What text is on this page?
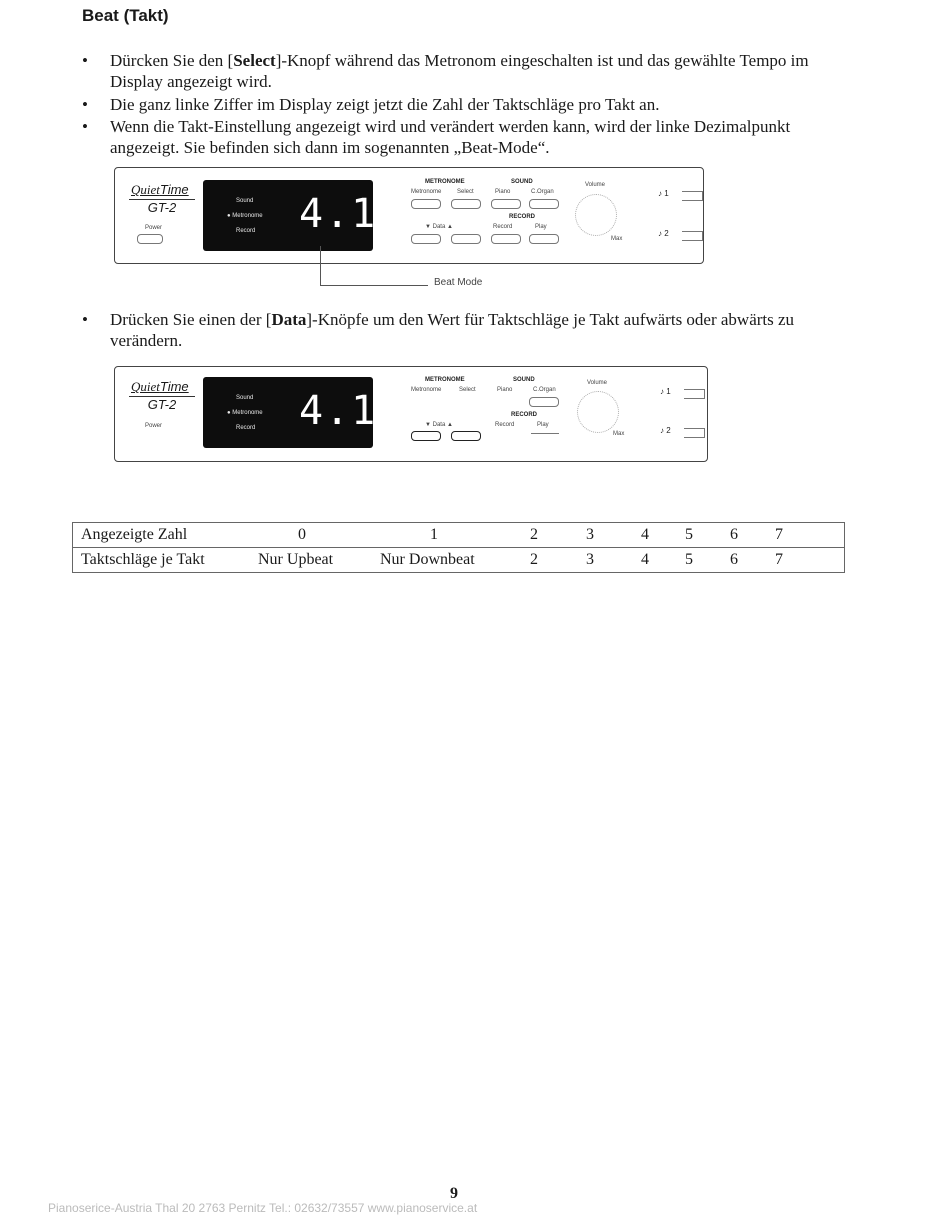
Beat (Takt)
• Dürcken Sie den [Select]-Knopf während das Metronom eingeschalten ist und das gewählte Tempo im Display angezeigt wird.
• Die ganz linke Ziffer im Display zeigt jetzt die Zahl der Taktschläge pro Takt an.
• Wenn die Takt-Einstellung angezeigt wird und verändert werden kann, wird der linke Dezimalpunkt angezeigt. Sie befinden sich dann im sogenannten „Beat-Mode“.
QuietTime
GT-2
Power
Sound
● Metronome
Record 4.15
METRONOME	SOUND
Metronome	Select	Piano	C.Organ
RECORD
▼ Data ▲	Record	Play
Volume
Max
♪ 1
♪ 2
Beat Mode
• Drücken Sie einen der [Data]-Knöpfe um den Wert für Taktschläge je Takt aufwärts oder abwärts zu verändern.
QuietTime
GT-2
Power
Sound
● Metronome
Record 4.15
METRONOME	SOUND
Metronome	Select	Piano	C.Organ
RECORD
▼ Data ▲	Record	Play
Volume
Max
♪ 1
♪ 2
Angezeigte Zahl	0	1	2	3	4 5 6 7
Taktschläge je Takt	Nur Upbeat	Nur Downbeat	2	3	4 5 6 7
9
Pianoserice-Austria Thal 20 2763 Pernitz Tel.: 02632/73557 www.pianoservice.at
